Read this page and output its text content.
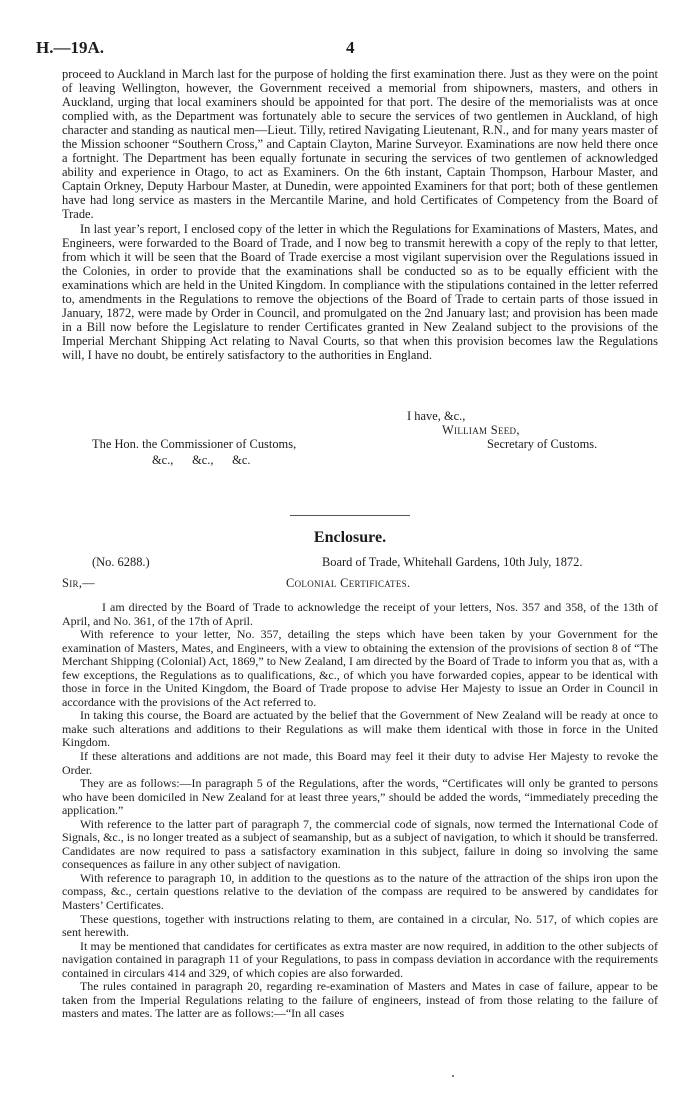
H.—19A.	4

proceed to Auckland in March last for the purpose of holding the first examination there. Just as they were on the point of leaving Wellington, however, the Government received a memorial from shipowners, masters, and others in Auckland, urging that local examiners should be appointed for that port. The desire of the memorialists was at once complied with, as the Department was fortunately able to secure the services of two gentlemen in Auckland, of high character and standing as nautical men—Lieut. Tilly, retired Navigating Lieutenant, R.N., and for many years master of the Mission schooner “Southern Cross,” and Captain Clayton, Marine Surveyor. Examinations are now held there once a fortnight. The Department has been equally fortunate in securing the services of two gentlemen of acknowledged ability and experience in Otago, to act as Examiners. On the 6th instant, Captain Thompson, Harbour Master, and Captain Orkney, Deputy Harbour Master, at Dunedin, were appointed Examiners for that port; both of these gentlemen have had long service as masters in the Mercantile Marine, and hold Certificates of Competency from the Board of Trade.

In last year’s report, I enclosed copy of the letter in which the Regulations for Examinations of Masters, Mates, and Engineers, were forwarded to the Board of Trade, and I now beg to transmit herewith a copy of the reply to that letter, from which it will be seen that the Board of Trade exercise a most vigilant supervision over the Regulations issued in the Colonies, in order to provide that the examinations shall be conducted so as to be equally efficient with the examinations which are held in the United Kingdom. In compliance with the stipulations contained in the letter referred to, amendments in the Regulations to remove the objections of the Board of Trade to certain parts of those issued in January, 1872, were made by Order in Council, and promulgated on the 2nd January last; and provision has been made in a Bill now before the Legislature to render Certificates granted in New Zealand subject to the provisions of the Imperial Merchant Shipping Act relating to Naval Courts, so that when this provision becomes law the Regulations will, I have no doubt, be entirely satisfactory to the authorities in England.

I have, &c.,
William Seed,
The Hon. the Commissioner of Customs,	Secretary of Customs.
&c.,      &c.,      &c.
Enclosure.
(No. 6288.)	Board of Trade, Whitehall Gardens, 10th July, 1872.
Sir,—	Colonial Certificates.

I am directed by the Board of Trade to acknowledge the receipt of your letters, Nos. 357 and 358, of the 13th of April, and No. 361, of the 17th of April.

With reference to your letter, No. 357, detailing the steps which have been taken by your Government for the examination of Masters, Mates, and Engineers, with a view to obtaining the extension of the provisions of section 8 of “The Merchant Shipping (Colonial) Act, 1869,” to New Zealand, I am directed by the Board of Trade to inform you that as, with a few exceptions, the Regulations as to qualifications, &c., of which you have forwarded copies, appear to be identical with those in force in the United Kingdom, the Board of Trade propose to advise Her Majesty to issue an Order in Council in accordance with the provisions of the Act referred to.

In taking this course, the Board are actuated by the belief that the Government of New Zealand will be ready at once to make such alterations and additions to their Regulations as will make them identical with those in force in the United Kingdom.

If these alterations and additions are not made, this Board may feel it their duty to advise Her Majesty to revoke the Order.

They are as follows:—In paragraph 5 of the Regulations, after the words, “Certificates will only be granted to persons who have been domiciled in New Zealand for at least three years,” should be added the words, “immediately preceding the application.”

With reference to the latter part of paragraph 7, the commercial code of signals, now termed the International Code of Signals, &c., is no longer treated as a subject of seamanship, but as a subject of navigation, to which it should be transferred. Candidates are now required to pass a satisfactory examination in this subject, failure in doing so involving the same consequences as failure in any other subject of navigation.

With reference to paragraph 10, in addition to the questions as to the nature of the attraction of the ships iron upon the compass, &c., certain questions relative to the deviation of the compass are required to be answered by candidates for Masters’ Certificates.

These questions, together with instructions relating to them, are contained in a circular, No. 517, of which copies are sent herewith.

It may be mentioned that candidates for certificates as extra master are now required, in addition to the other subjects of navigation contained in paragraph 11 of your Regulations, to pass in compass deviation in accordance with the requirements contained in circulars 414 and 329, of which copies are also forwarded.

The rules contained in paragraph 20, regarding re-examination of Masters and Mates in case of failure, appear to be taken from the Imperial Regulations relating to the failure of engineers, instead of from those relating to the failure of masters and mates. The latter are as follows:—“In all cases
